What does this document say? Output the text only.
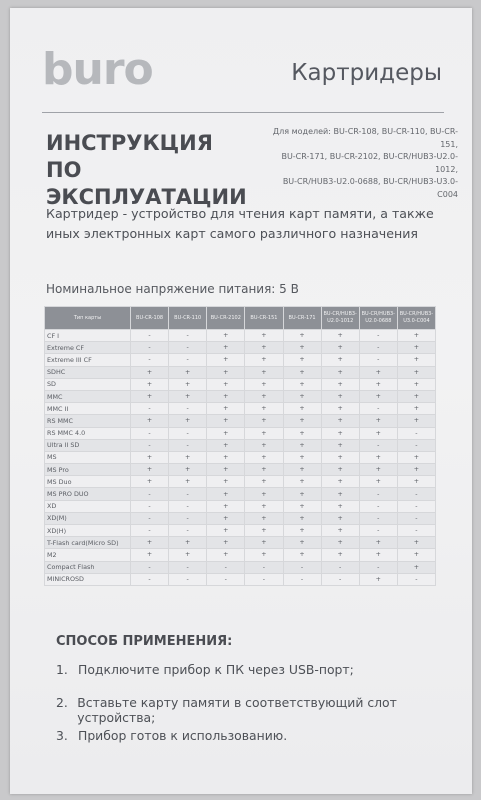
buro	Картридеры
ИНСТРУКЦИЯ
ПО ЭКСПЛУАТАЦИИ
Для моделей: BU-CR-108, BU-CR-110, BU-CR-151,
BU-CR-171, BU-CR-2102, BU-CR/HUB3-U2.0-1012,
BU-CR/HUB3-U2.0-0688, BU-CR/HUB3-U3.0-C004
Картридер - устройство для чтения карт памяти, а также иных электронных карт самого различного назначения
Номинальное напряжение питания: 5 В
Тип карты	BU-CR-108	BU-CR-110	BU-CR-2102	BU-CR-151	BU-CR-171	BU-CR/HUB3-U2.0-1012	BU-CR/HUB3-U2.0-0688	BU-CR/HUB3-U3.0-C004
CF I	-	-	+	+	+	+	-	+
Extreme CF	-	-	+	+	+	+	-	+
Extreme III CF	-	-	+	+	+	+	-	+
SDHC	+	+	+	+	+	+	+	+
SD	+	+	+	+	+	+	+	+
MMC	+	+	+	+	+	+	+	+
MMC II	-	-	+	+	+	+	-	+
RS MMC	+	+	+	+	+	+	+	+
RS MMC 4.0	-	-	+	+	+	+	+	-
Ultra II SD	-	-	+	+	+	+	-	-
MS	+	+	+	+	+	+	+	+
MS Pro	+	+	+	+	+	+	+	+
MS Duo	+	+	+	+	+	+	+	+
MS PRO DUO	-	-	+	+	+	+	-	-
XD	-	-	+	+	+	+	-	-
XD(M)	-	-	+	+	+	+	-	-
XD(H)	-	-	+	+	+	+	-	-
T-Flash card(Micro SD)	+	+	+	+	+	+	+	+
M2	+	+	+	+	+	+	+	+
Compact Flash	-	-	-	-	-	-	-	+
MINICROSD	-	-	-	-	-	-	+	-
СПОСОБ ПРИМЕНЕНИЯ:
1. Подключите прибор к ПК через USB-порт;
2. Вставьте карту памяти в соответствующий слот устройства;
3. Прибор готов к использованию.
